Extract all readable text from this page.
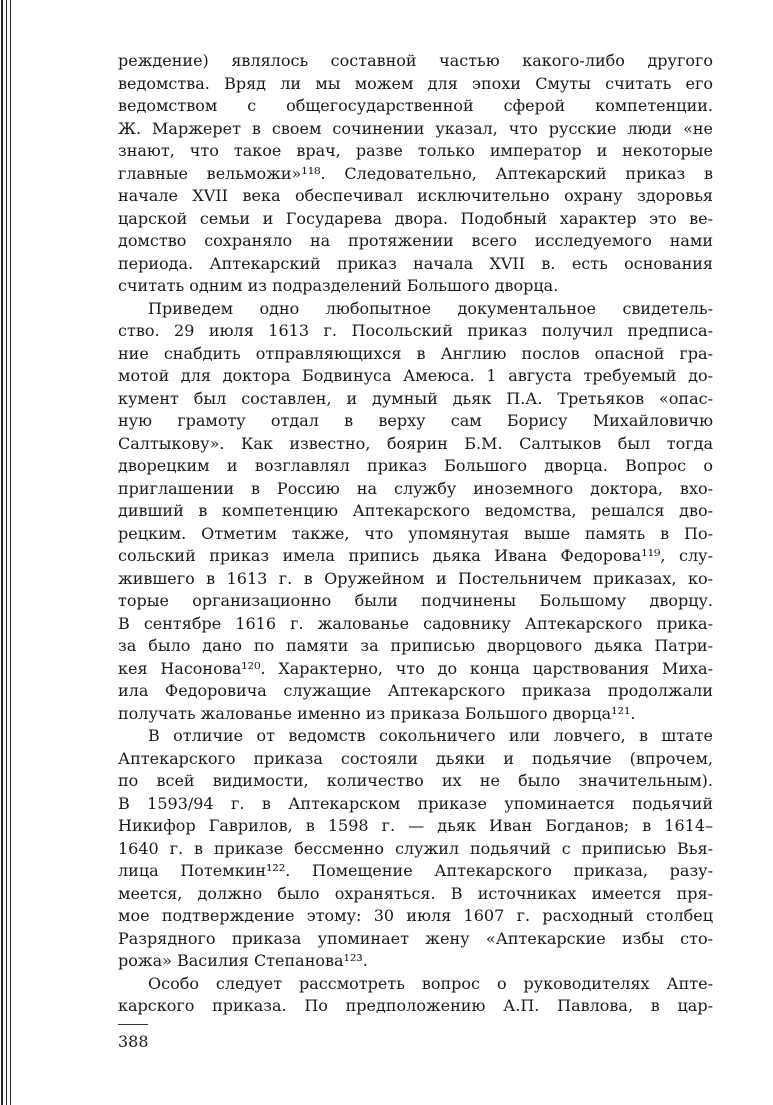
реждение) являлось составной частью какого-либо другого
ведомства. Вряд ли мы можем для эпохи Смуты считать его
ведомством с общегосударственной сферой компетенции.
Ж. Маржерет в своем сочинении указал, что русские люди «не
знают, что такое врач, разве только император и некоторые
главные вельможи»¹¹⁸. Следовательно, Аптекарский приказ в
начале XVII века обеспечивал исключительно охрану здоровья
царской семьи и Государева двора. Подобный характер это ве-
домство сохраняло на протяжении всего исследуемого нами
периода. Аптекарский приказ начала XVII в. есть основания
считать одним из подразделений Большого дворца.
Приведем одно любопытное документальное свидетель-
ство. 29 июля 1613 г. Посольский приказ получил предписа-
ние снабдить отправляющихся в Англию послов опасной гра-
мотой для доктора Бодвинуса Амеюса. 1 августа требуемый до-
кумент был составлен, и думный дьяк П.А. Третьяков «опас-
ную грамоту отдал в верху сам Борису Михайловичю
Салтыкову». Как известно, боярин Б.М. Салтыков был тогда
дворецким и возглавлял приказ Большого дворца. Вопрос о
приглашении в Россию на службу иноземного доктора, вхо-
дивший в компетенцию Аптекарского ведомства, решался дво-
рецким. Отметим также, что упомянутая выше память в По-
сольский приказ имела припись дьяка Ивана Федорова¹¹⁹, слу-
жившего в 1613 г. в Оружейном и Постельничем приказах, ко-
торые организационно были подчинены Большому дворцу.
В сентябре 1616 г. жалованье садовнику Аптекарского прика-
за было дано по памяти за приписью дворцового дьяка Патри-
кея Насонова¹²⁰. Характерно, что до конца царствования Миха-
ила Федоровича служащие Аптекарского приказа продолжали
получать жалованье именно из приказа Большого дворца¹²¹.
В отличие от ведомств сокольничего или ловчего, в штате
Аптекарского приказа состояли дьяки и подьячие (впрочем,
по всей видимости, количество их не было значительным).
В 1593/94 г. в Аптекарском приказе упоминается подьячий
Никифор Гаврилов, в 1598 г. — дьяк Иван Богданов; в 1614–
1640 г. в приказе бессменно служил подьячий с приписью Вья-
лица Потемкин¹²². Помещение Аптекарского приказа, разу-
меется, должно было охраняться. В источниках имеется пря-
мое подтверждение этому: 30 июля 1607 г. расходный столбец
Разрядного приказа упоминает жену «Аптекарские избы сто-
рожа» Василия Степанова¹²³.
Особо следует рассмотреть вопрос о руководителях Апте-
карского приказа. По предположению А.П. Павлова, в цар-
388
